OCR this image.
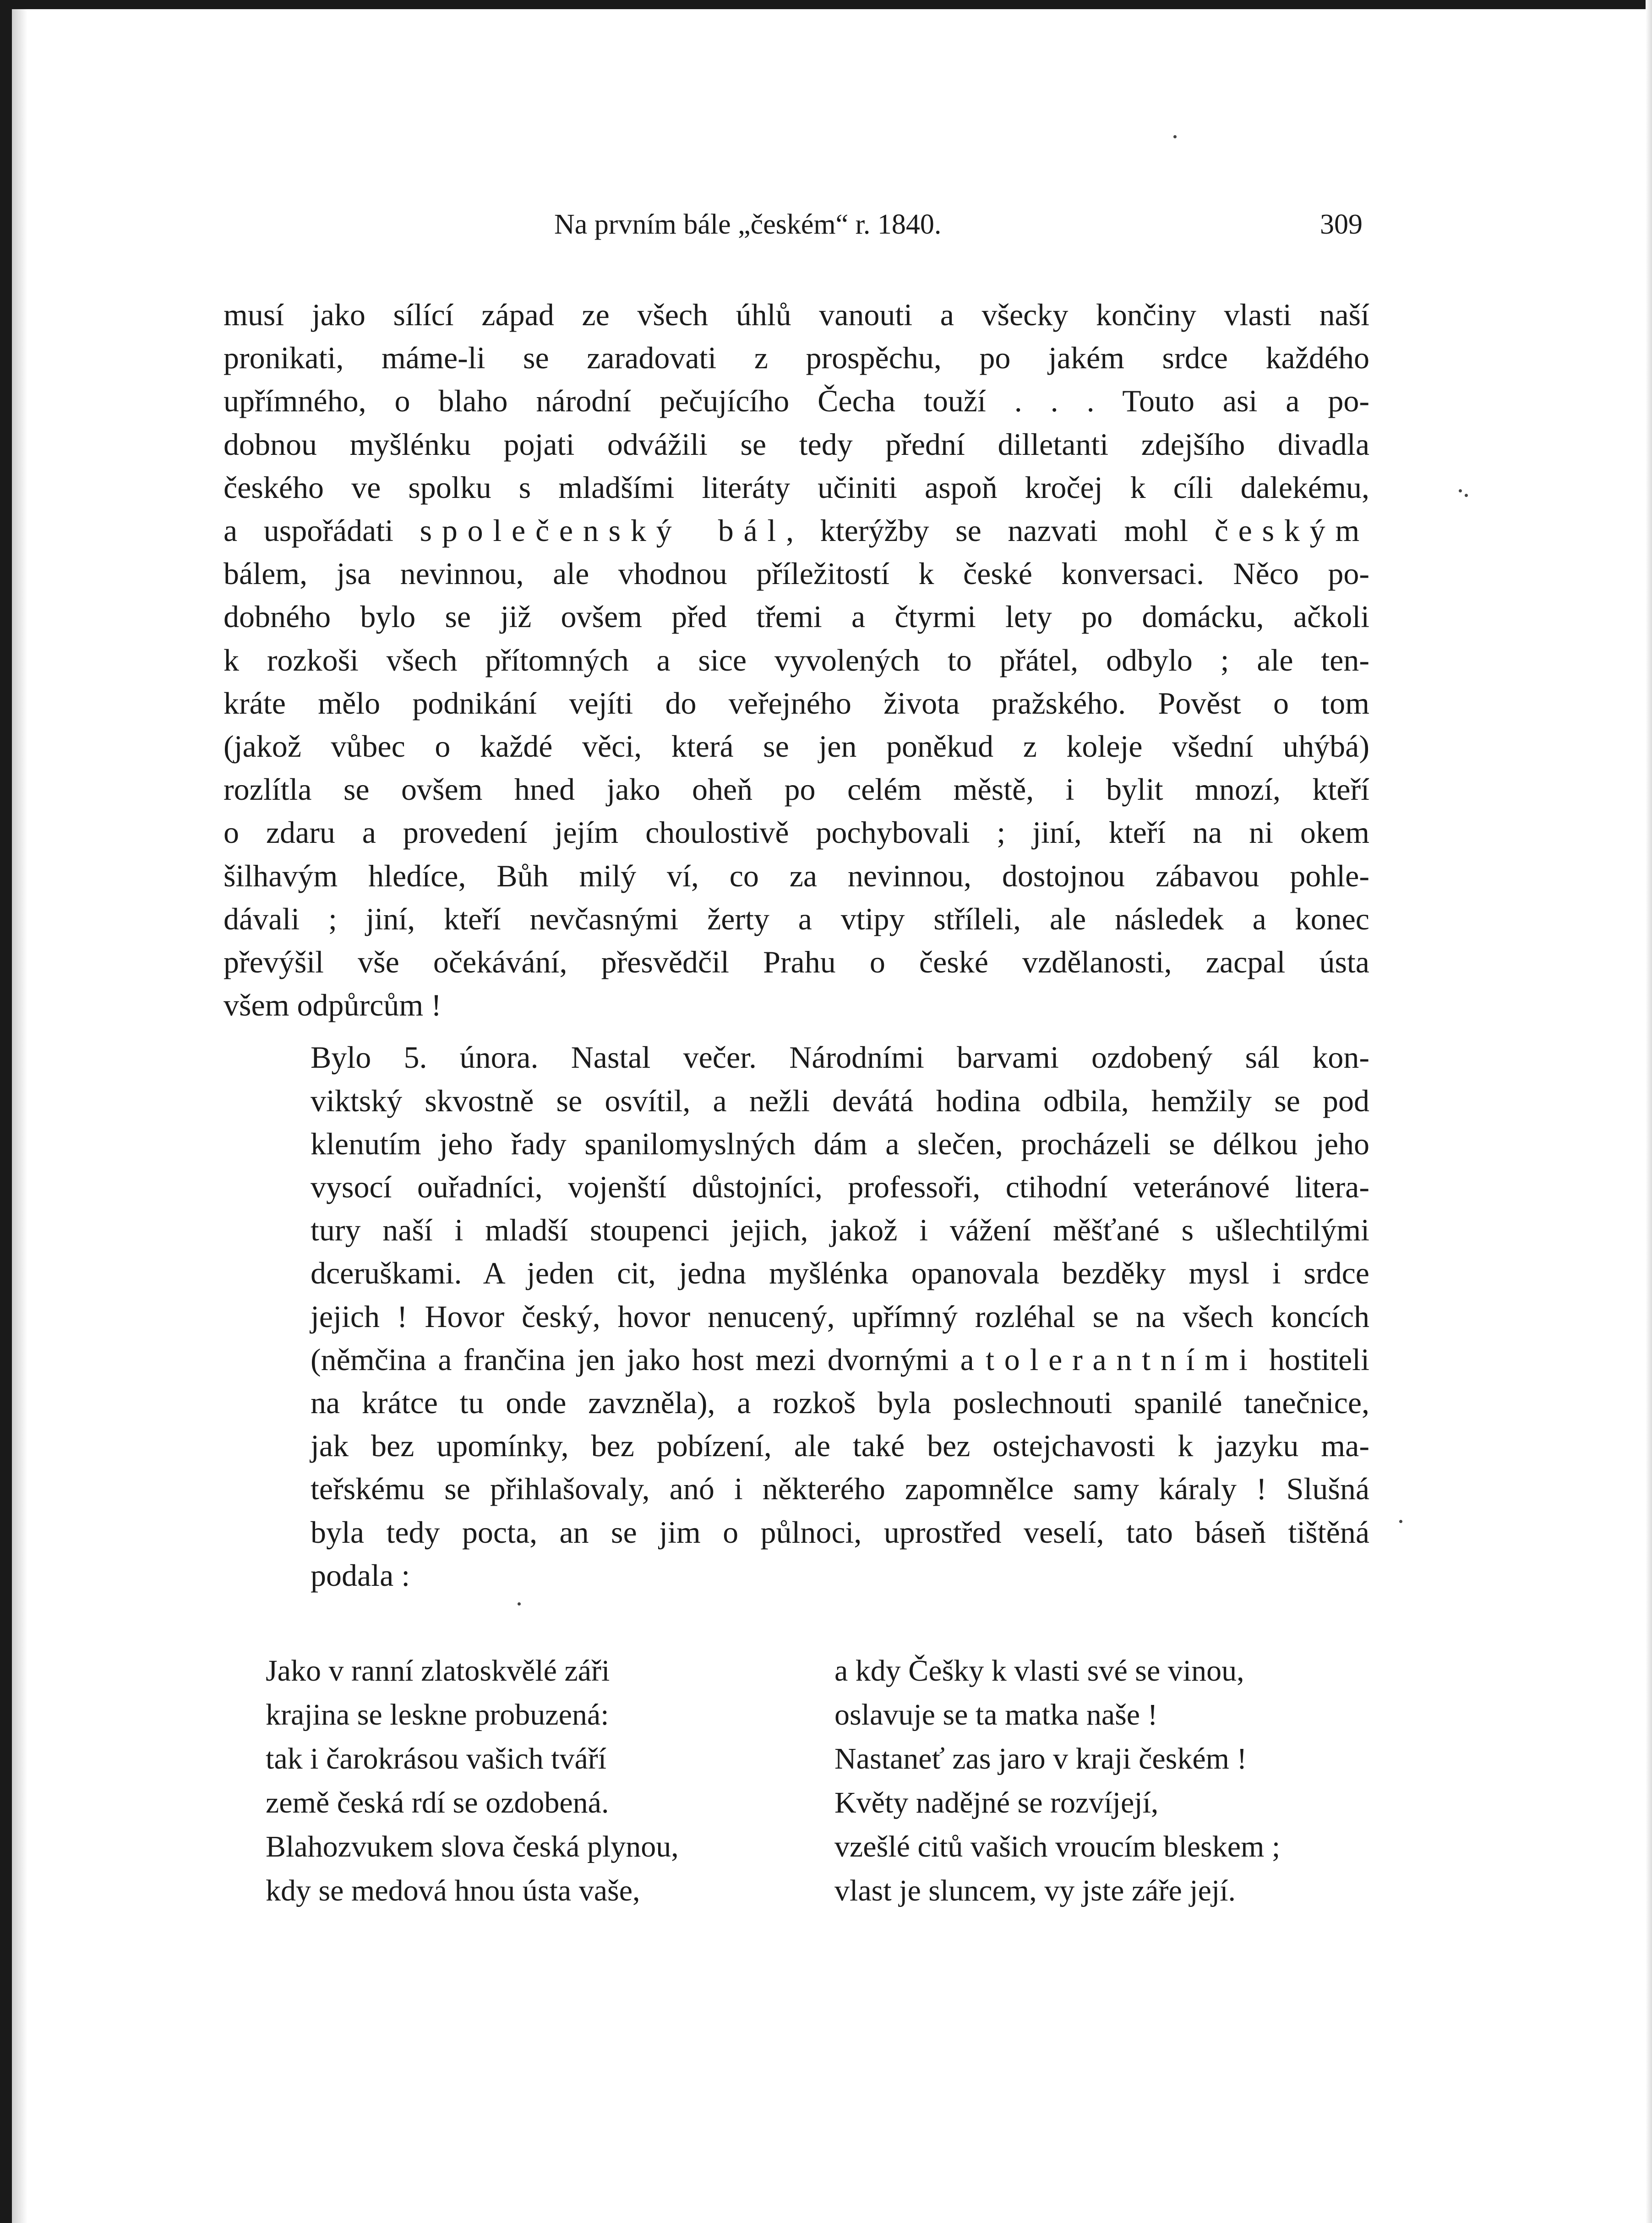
Na prvním bále „českém“ r. 1840.	309

musí jako sílící západ ze všech úhlů vanouti a všecky končiny vlasti naší
pronikati, máme-li se zaradovati z prospěchu, po jakém srdce každého
upřímného, o blaho národní pečujícího Čecha touží . . . Touto asi a po-
dobnou myšlénku pojati odvážili se tedy přední dilletanti zdejšího divadla
českého ve spolku s mladšími literáty učiniti aspoň kročej k cíli dalekému,
a uspořádati společenský bál, kterýžby se nazvati mohl českým
bálem, jsa nevinnou, ale vhodnou příležitostí k české konversaci. Něco po-
dobného bylo se již ovšem před třemi a čtyrmi lety po domácku, ačkoli
k rozkoši všech přítomných a sice vyvolených to přátel, odbylo ; ale ten-
kráte mělo podnikání vejíti do veřejného života pražského. Pověst o tom
(jakož vůbec o každé věci, která se jen poněkud z koleje všední uhýbá)
rozlítla se ovšem hned jako oheň po celém městě, i bylit mnozí, kteří
o zdaru a provedení jejím choulostivě pochybovali ; jiní, kteří na ni okem
šilhavým hledíce, Bůh milý ví, co za nevinnou, dostojnou zábavou pohle-
dávali ; jiní, kteří nevčasnými žerty a vtipy stříleli, ale následek a konec
převýšil vše očekávání, přesvědčil Prahu o české vzdělanosti, zacpal ústa
všem odpůrcům !

Bylo 5. února. Nastal večer. Národními barvami ozdobený sál kon-
viktský skvostně se osvítil, a nežli devátá hodina odbila, hemžily se pod
klenutím jeho řady spanilomyslných dám a slečen, procházeli se délkou jeho
vysocí ouřadníci, vojenští důstojníci, professoři, ctihodní veteránové litera-
tury naší i mladší stoupenci jejich, jakož i vážení měšťané s ušlechtilými
dceruškami. A jeden cit, jedna myšlénka opanovala bezděky mysl i srdce
jejich ! Hovor český, hovor nenucený, upřímný rozléhal se na všech koncích
(němčina a frančina jen jako host mezi dvornými a tolerantními hostiteli
na krátce tu onde zavzněla), a rozkoš byla poslechnouti spanilé tanečnice,
jak bez upomínky, bez pobízení, ale také bez ostejchavosti k jazyku ma-
teřskému se přihlašovaly, anó i některého zapomnělce samy káraly ! Slušná
byla tedy pocta, an se jim o půlnoci, uprostřed veselí, tato báseň tištěná
podala :

Jako v ranní zlatoskvělé záři
krajina se leskne probuzená:
tak i čarokrásou vašich tváří
země česká rdí se ozdobená.
Blahozvukem slova česká plynou,
kdy se medová hnou ústa vaše,
a kdy Češky k vlasti své se vinou,
oslavuje se ta matka naše !
Nastaneť zas jaro v kraji českém !
Květy nadějné se rozvíjejí,
vzešlé citů vašich vroucím bleskem ;
vlast je sluncem, vy jste záře její.
